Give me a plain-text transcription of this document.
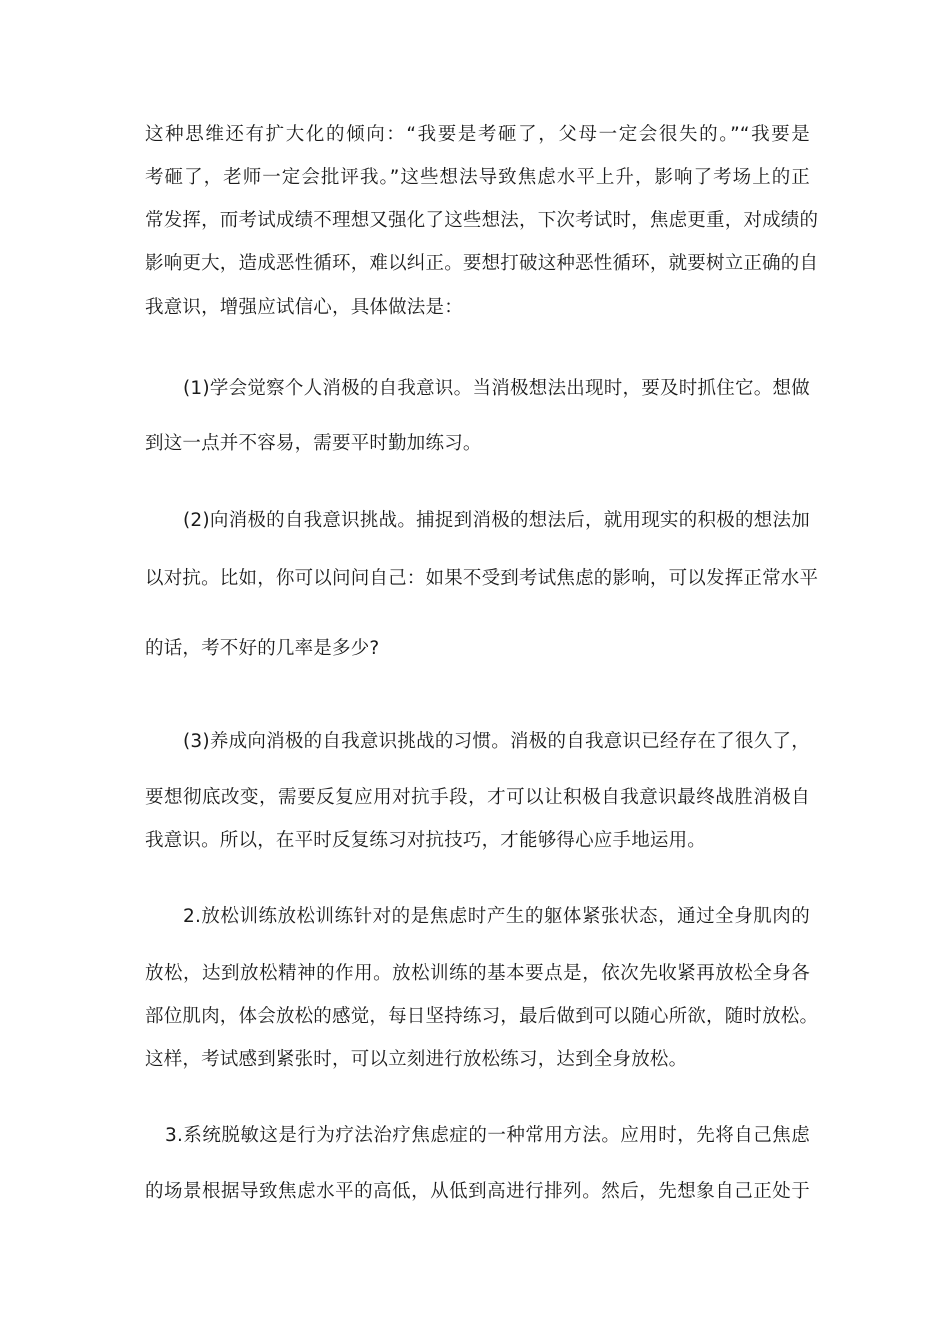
这种思维还有扩大化的倾向：“我要是考砸了，父母一定会很失的。”“我要是
考砸了，老师一定会批评我。”这些想法导致焦虑水平上升，影响了考场上的正
常发挥，而考试成绩不理想又强化了这些想法，下次考试时，焦虑更重，对成绩的
影响更大，造成恶性循环，难以纠正。要想打破这种恶性循环，就要树立正确的自
我意识，增强应试信心，具体做法是：
(1)学会觉察个人消极的自我意识。当消极想法出现时，要及时抓住它。想做
到这一点并不容易，需要平时勤加练习。
(2)向消极的自我意识挑战。捕捉到消极的想法后，就用现实的积极的想法加
以对抗。比如，你可以问问自己：如果不受到考试焦虑的影响，可以发挥正常水平
的话，考不好的几率是多少?
(3)养成向消极的自我意识挑战的习惯。消极的自我意识已经存在了很久了，
要想彻底改变，需要反复应用对抗手段，才可以让积极自我意识最终战胜消极自
我意识。所以，在平时反复练习对抗技巧，才能够得心应手地运用。
2.放松训练放松训练针对的是焦虑时产生的躯体紧张状态，通过全身肌肉的
放松，达到放松精神的作用。放松训练的基本要点是，依次先收紧再放松全身各
部位肌肉，体会放松的感觉，每日坚持练习，最后做到可以随心所欲，随时放松。
这样，考试感到紧张时，可以立刻进行放松练习，达到全身放松。
3.系统脱敏这是行为疗法治疗焦虑症的一种常用方法。应用时，先将自己焦虑
的场景根据导致焦虑水平的高低，从低到高进行排列。然后，先想象自己正处于
